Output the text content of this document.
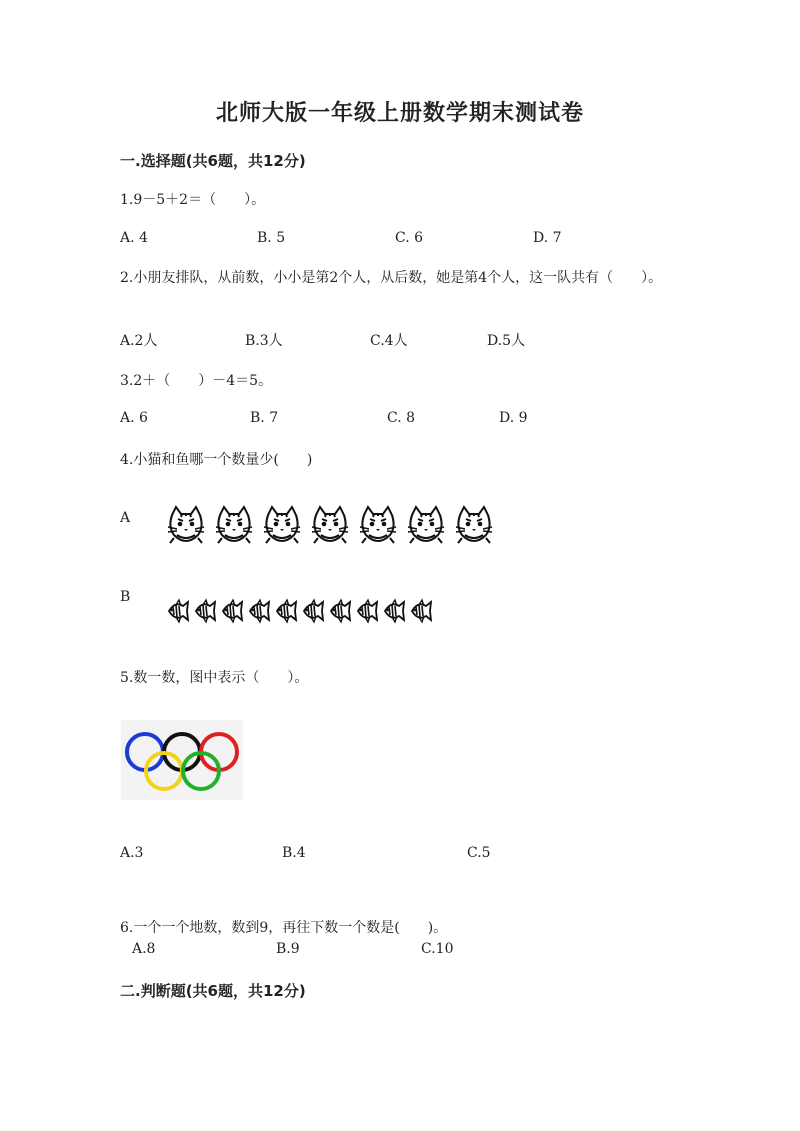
北师大版一年级上册数学期末测试卷
一.选择题(共6题，共12分)
1.9－5＋2＝（　　）。
A. 4	B. 5	C. 6	D. 7
2.小朋友排队，从前数，小小是第2个人，从后数，她是第4个人，这一队共有（　　）。
A.2人	B.3人	C.4人	D.5人
3.2＋（　　）－4＝5。
A. 6	B. 7	C. 8	D. 9
4.小猫和鱼哪一个数量少(　　)
A
B
5.数一数，图中表示（　　）。
A.3	B.4	C.5
6.一个一个地数，数到9，再往下数一个数是(　　)。
A.8	B.9	C.10
二.判断题(共6题，共12分)
